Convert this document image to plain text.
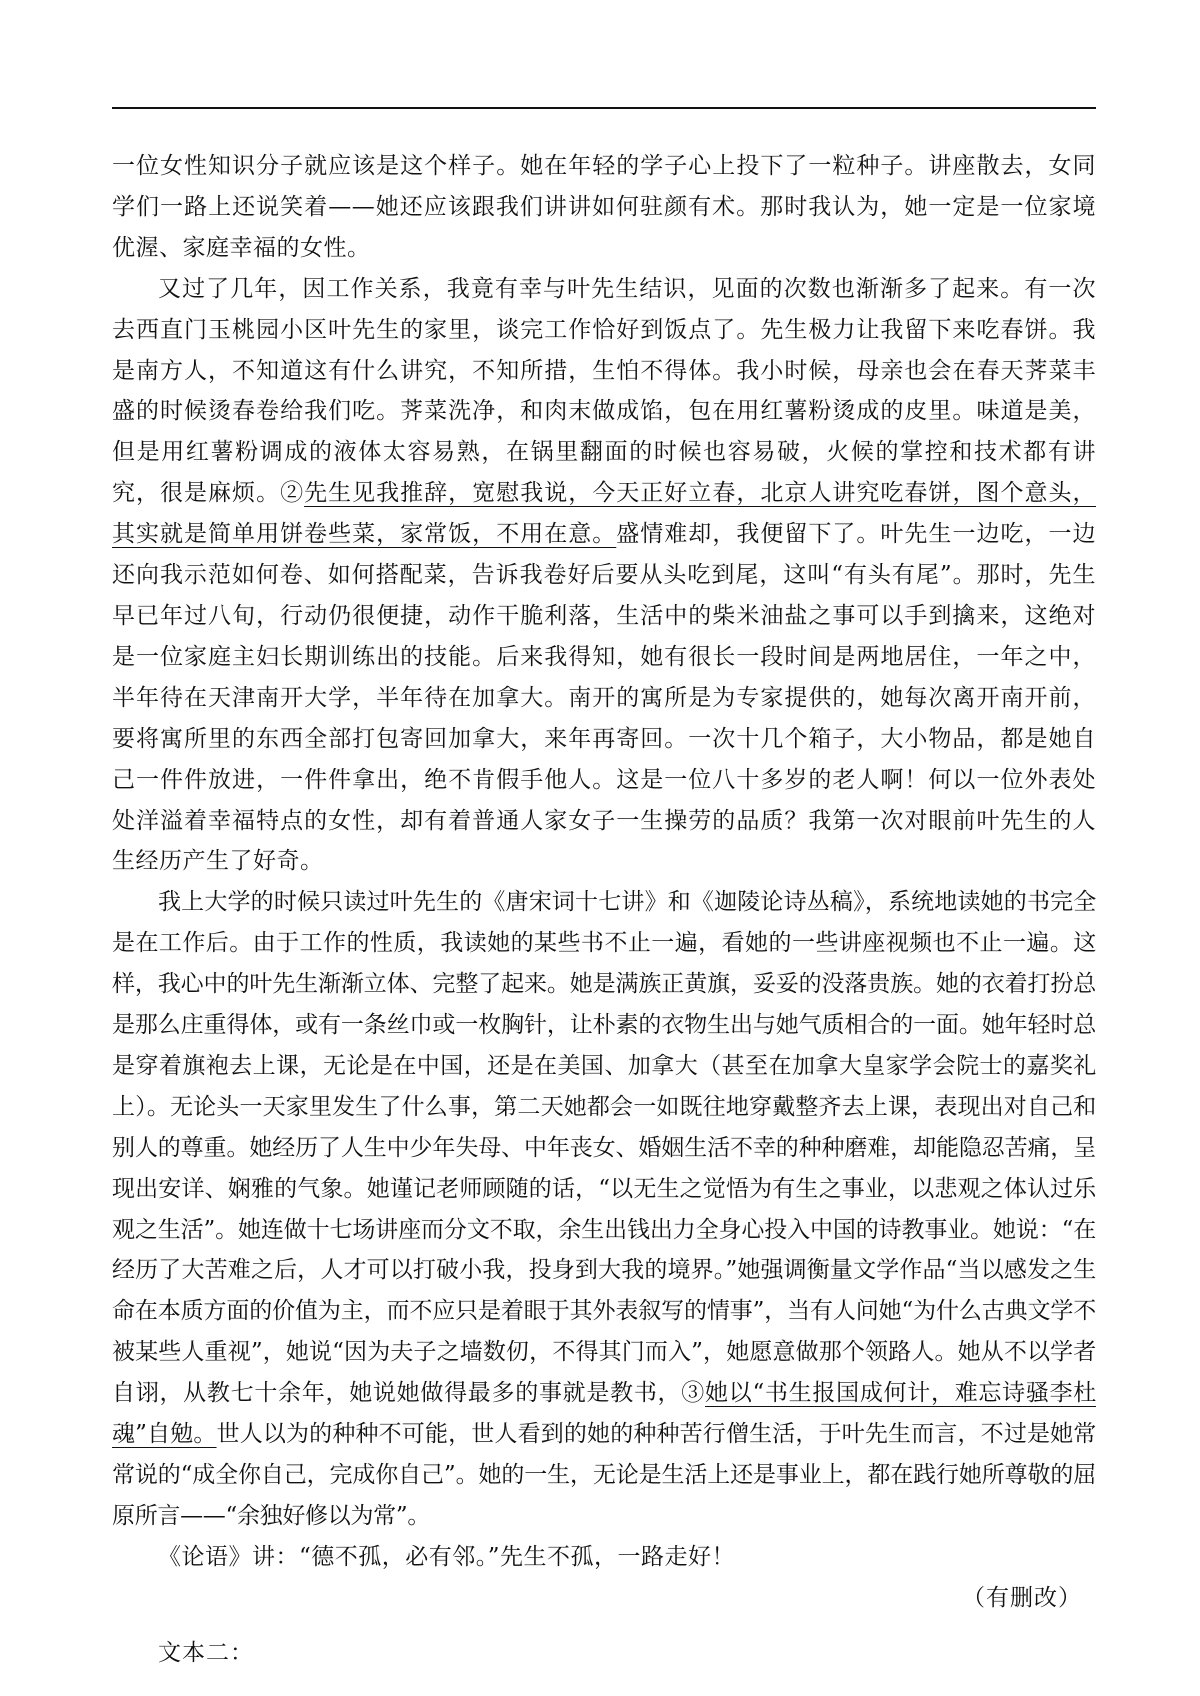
一位女性知识分子就应该是这个样子。她在年轻的学子心上投下了一粒种子。讲座散去，女同学们一路上还说笑着——她还应该跟我们讲讲如何驻颜有术。那时我认为，她一定是一位家境优渥、家庭幸福的女性。

又过了几年，因工作关系，我竟有幸与叶先生结识，见面的次数也渐渐多了起来。有一次去西直门玉桃园小区叶先生的家里，谈完工作恰好到饭点了。先生极力让我留下来吃春饼。我是南方人，不知道这有什么讲究，不知所措，生怕不得体。我小时候，母亲也会在春天荠菜丰盛的时候烫春卷给我们吃。荠菜洗净，和肉末做成馅，包在用红薯粉烫成的皮里。味道是美，但是用红薯粉调成的液体太容易熟，在锅里翻面的时候也容易破，火候的掌控和技术都有讲究，很是麻烦。②先生见我推辞，宽慰我说，今天正好立春，北京人讲究吃春饼，图个意头，其实就是简单用饼卷些菜，家常饭，不用在意。盛情难却，我便留下了。叶先生一边吃，一边还向我示范如何卷、如何搭配菜，告诉我卷好后要从头吃到尾，这叫“有头有尾”。那时，先生早已年过八旬，行动仍很便捷，动作干脆利落，生活中的柴米油盐之事可以手到擒来，这绝对是一位家庭主妇长期训练出的技能。后来我得知，她有很长一段时间是两地居住，一年之中，半年待在天津南开大学，半年待在加拿大。南开的寓所是为专家提供的，她每次离开南开前，要将寓所里的东西全部打包寄回加拿大，来年再寄回。一次十几个箱子，大小物品，都是她自己一件件放进，一件件拿出，绝不肯假手他人。这是一位八十多岁的老人啊！何以一位外表处处洋溢着幸福特点的女性，却有着普通人家女子一生操劳的品质？我第一次对眼前叶先生的人生经历产生了好奇。

我上大学的时候只读过叶先生的《唐宋词十七讲》和《迦陵论诗丛稿》，系统地读她的书完全是在工作后。由于工作的性质，我读她的某些书不止一遍，看她的一些讲座视频也不止一遍。这样，我心中的叶先生渐渐立体、完整了起来。她是满族正黄旗，妥妥的没落贵族。她的衣着打扮总是那么庄重得体，或有一条丝巾或一枚胸针，让朴素的衣物生出与她气质相合的一面。她年轻时总是穿着旗袍去上课，无论是在中国，还是在美国、加拿大（甚至在加拿大皇家学会院士的嘉奖礼上）。无论头一天家里发生了什么事，第二天她都会一如既往地穿戴整齐去上课，表现出对自己和别人的尊重。她经历了人生中少年失母、中年丧女、婚姻生活不幸的种种磨难，却能隐忍苦痛，呈现出安详、娴雅的气象。她谨记老师顾随的话，“以无生之觉悟为有生之事业，以悲观之体认过乐观之生活”。她连做十七场讲座而分文不取，余生出钱出力全身心投入中国的诗教事业。她说：“在经历了大苦难之后，人才可以打破小我，投身到大我的境界。”她强调衡量文学作品“当以感发之生命在本质方面的价值为主，而不应只是着眼于其外表叙写的情事”，当有人问她“为什么古典文学不被某些人重视”，她说“因为夫子之墙数仞，不得其门而入”，她愿意做那个领路人。她从不以学者自诩，从教七十余年，她说她做得最多的事就是教书，③她以“书生报国成何计，难忘诗骚李杜魂”自勉。世人以为的种种不可能，世人看到的她的种种苦行僧生活，于叶先生而言，不过是她常常说的“成全你自己，完成你自己”。她的一生，无论是生活上还是事业上，都在践行她所尊敬的屈原所言——“余独好修以为常”。

《论语》讲：“德不孤，必有邻。”先生不孤，一路走好！

（有删改）

文本二：
